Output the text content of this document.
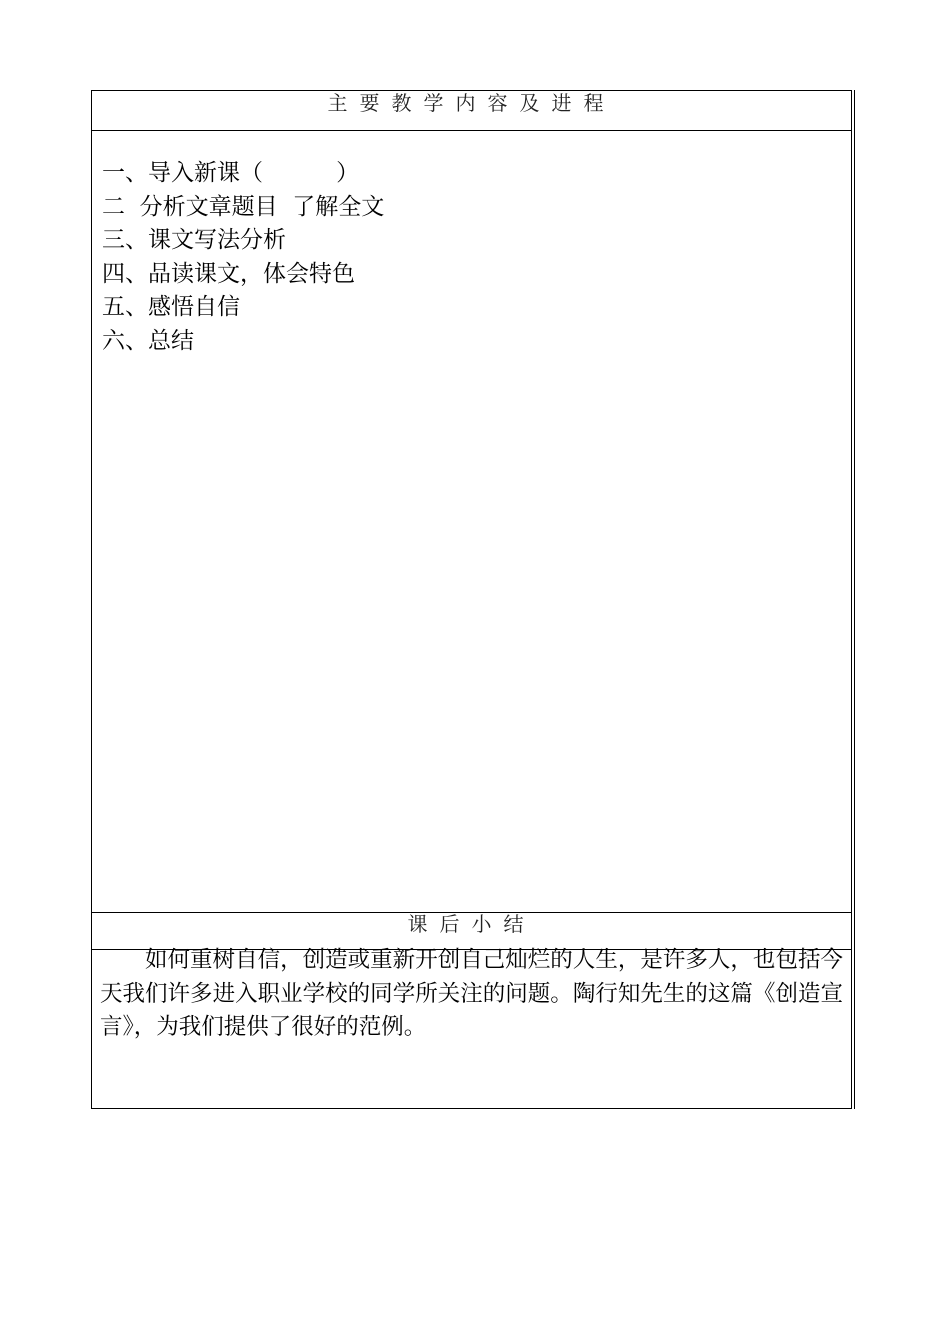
主要教学内容及进程
一、导入新课（          ）
二  分析文章题目  了解全文
三、课文写法分析
四、品读课文，体会特色
五、感悟自信
六、总结
课后小结

如何重树自信，创造或重新开创自己灿烂的人生，是许多人，也包括今天我们许多进入职业学校的同学所关注的问题。陶行知先生的这篇《创造宣言》，为我们提供了很好的范例。
